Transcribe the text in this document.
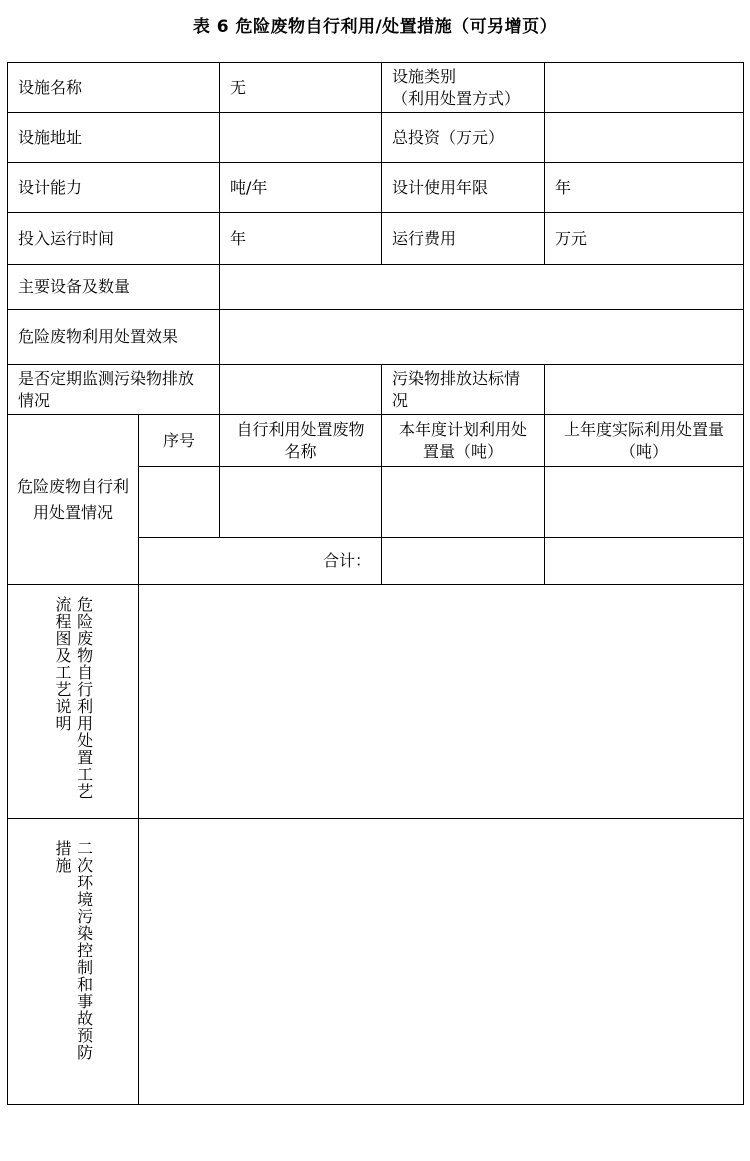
表 6 危险废物自行利用/处置措施（可另增页）
设施名称		无	设施类别
（利用处置方式）	
设施地址			总投资（万元）	
设计能力		吨/年	设计使用年限	年
投入运行时间		年	运行费用	万元
主要设备及数量				
危险废物利用处置效果				
是否定期监测污染物排放情况			污染物排放达标情况	
危险废物自行利用处置情况	序号	自行利用处置废物名称	本年度计划利用处置量（吨）	上年度实际利用处置量（吨）

	合计：			
危险废物自行利用处置工艺流程图及工艺说明				
二次环境污染控制和事故预防措施				
